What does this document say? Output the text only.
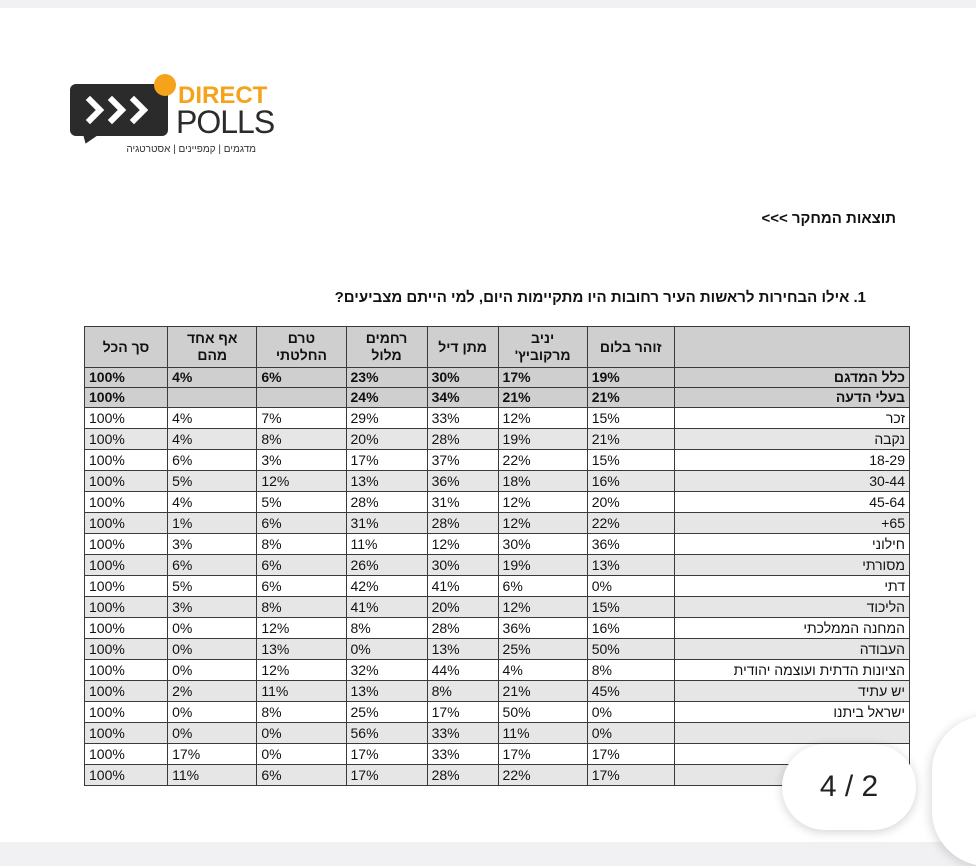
DIRECT
POLLS
מדגמים | קמפיינים | אסטרטגיה
תוצאות המחקר >>>
1. אילו הבחירות לראשות העיר רחובות היו מתקיימות היום, למי הייתם מצביעים?
	זוהר בלום	יניב מרקוביץ'	מתן דיל	רחמים מלול	טרם החלטתי	אף אחד מהם	סך הכל
כלל המדגם	19%	17%	30%	23%	6%	4%	100%
בעלי הדעה	21%	21%	34%	24%			100%
זכר	15%	12%	33%	29%	7%	4%	100%
נקבה	21%	19%	28%	20%	8%	4%	100%
18-29	15%	22%	37%	17%	3%	6%	100%
30-44	16%	18%	36%	13%	12%	5%	100%
45-64	20%	12%	31%	28%	5%	4%	100%
65+	22%	12%	28%	31%	6%	1%	100%
חילוני	36%	30%	12%	11%	8%	3%	100%
מסורתי	13%	19%	30%	26%	6%	6%	100%
דתי	0%	6%	41%	42%	6%	5%	100%
הליכוד	15%	12%	20%	41%	8%	3%	100%
המחנה הממלכתי	16%	36%	28%	8%	12%	0%	100%
העבודה	50%	25%	13%	0%	13%	0%	100%
הציונות הדתית ועוצמה יהודית	8%	4%	44%	32%	12%	0%	100%
יש עתיד	45%	21%	8%	13%	11%	2%	100%
ישראל ביתנו	0%	50%	17%	25%	8%	0%	100%
	0%	11%	33%	56%	0%	0%	100%
	17%	17%	33%	17%	0%	17%	100%
	17%	22%	28%	17%	6%	11%	100%	4 / 2
